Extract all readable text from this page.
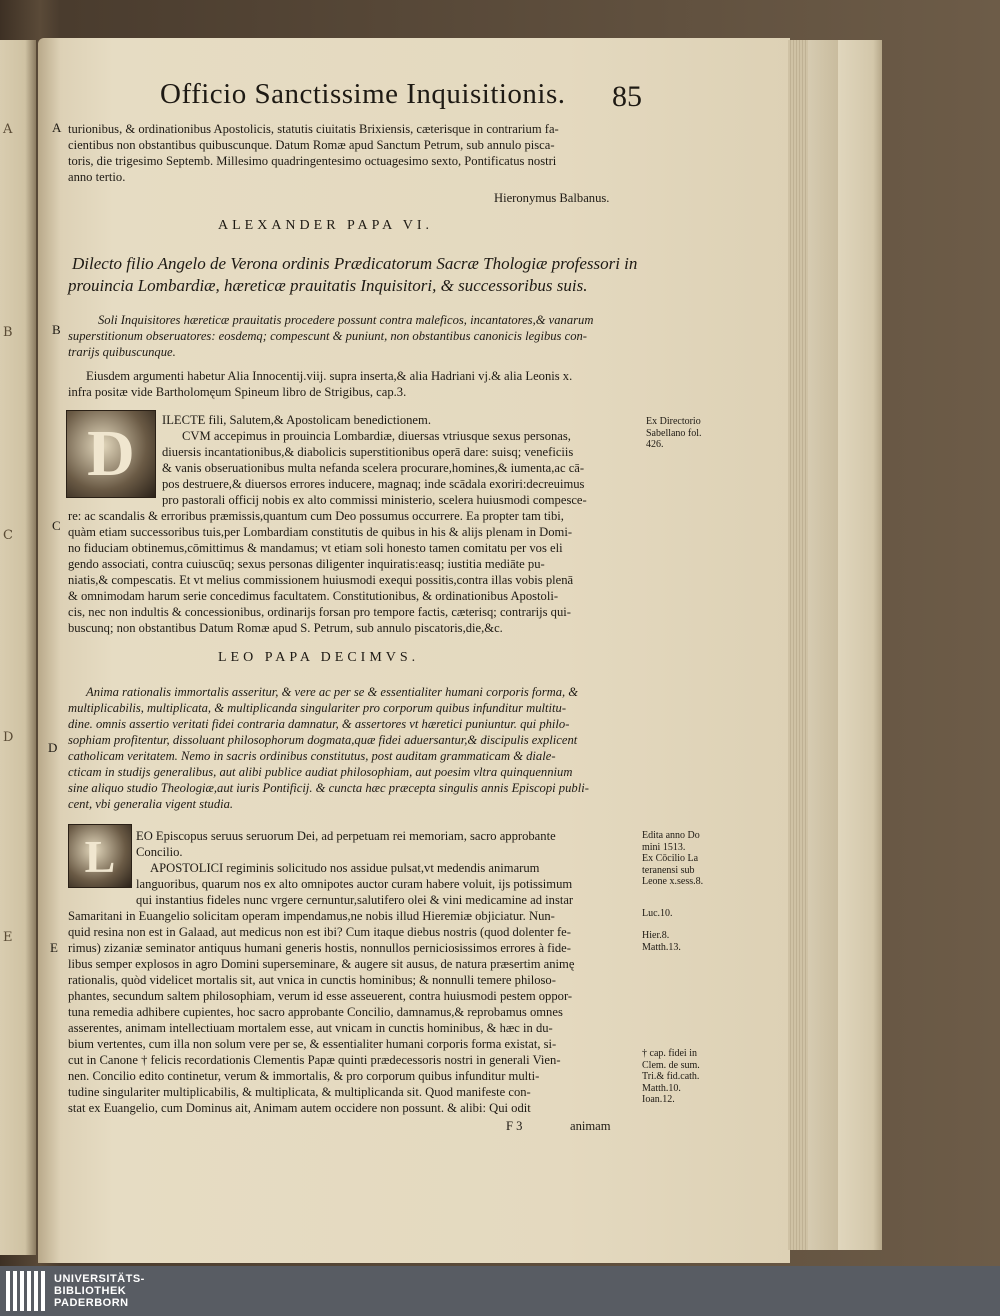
A
B
C
D
E
Officio Sanctissime Inquisitionis. 85
A
B
C
D
E
turionibus, & ordinationibus Apostolicis, statutis ciuitatis Brixiensis, cæterisque in contrarium fa-
cientibus non obstantibus quibuscunque. Datum Romæ apud Sanctum Petrum, sub annulo pisca-
toris, die trigesimo Septemb. Millesimo quadringentesimo octuagesimo sexto, Pontificatus nostri
anno tertio.
Hieronymus Balbanus.
ALEXANDER PAPA VI.
Dilecto filio Angelo de Verona ordinis Prædicatorum Sacræ Thologiæ professori in
prouincia Lombardiæ, hæreticæ prauitatis Inquisitori, & successoribus suis.
Soli Inquisitores hæreticæ prauitatis procedere possunt contra maleficos, incantatores,& vanarum
superstitionum obseruatores: eosdemq; compescunt & puniunt, non obstantibus canonicis legibus con-
trarijs quibuscunque.
Eiusdem argumenti habetur Alia Innocentij.viij. supra inserta,& alia Hadriani vj.& alia Leonis x.
infra positæ vide Bartholomęum Spineum libro de Strigibus, cap.3.
D	ILECTE fili, Salutem,& Apostolicam benedictionem.
CVM accepimus in prouincia Lombardiæ, diuersas vtriusque sexus personas,
diuersis incantationibus,& diabolicis superstitionibus operā dare: suisq; veneficiis
& vanis obseruationibus multa nefanda scelera procurare,homines,& iumenta,ac cā-
pos destruere,& diuersos errores inducere, magnaq; inde scādala exoriri:decreuimus
pro pastorali officij nobis ex alto commissi ministerio, scelera huiusmodi compesce-
re: ac scandalis & erroribus præmissis,quantum cum Deo possumus occurrere. Ea propter tam tibi,
quàm etiam successoribus tuis,per Lombardiam constitutis de quibus in his & alijs plenam in Domi-
no fiduciam obtinemus,cōmittimus & mandamus; vt etiam soli honesto tamen comitatu per vos eli
gendo associati, contra cuiuscūq; sexus personas diligenter inquiratis:easq; iustitia mediāte pu-
niatis,& compescatis. Et vt melius commissionem huiusmodi exequi possitis,contra illas vobis plenā
& omnimodam harum serie concedimus facultatem. Constitutionibus, & ordinationibus Apostoli-
cis, nec non indultis & concessionibus, ordinarijs forsan pro tempore factis, cæterisq; contrarijs qui-
buscunq; non obstantibus Datum Romæ apud S. Petrum, sub annulo piscatoris,die,&c.
Ex Directorio
Sabellano fol.
426.
LEO PAPA DECIMVS.
Anima rationalis immortalis asseritur, & vere ac per se & essentialiter humani corporis forma, &
multiplicabilis, multiplicata, & multiplicanda singulariter pro corporum quibus infunditur multitu-
dine. omnis assertio veritati fidei contraria damnatur, & assertores vt hæretici puniuntur. qui philo-
sophiam profitentur, dissoluant philosophorum dogmata,quæ fidei aduersantur,& discipulis explicent
catholicam veritatem. Nemo in sacris ordinibus constitutus, post auditam grammaticam & diale-
cticam in studijs generalibus, aut alibi publice audiat philosophiam, aut poesim vltra quinquennium
sine aliquo studio Theologiæ,aut iuris Pontificij. & cuncta hæc præcepta singulis annis Episcopi publi-
cent, vbi generalia vigent studia.
L	EO Episcopus seruus seruorum Dei, ad perpetuam rei memoriam, sacro approbante
Concilio.
APOSTOLICI regiminis solicitudo nos assidue pulsat,vt medendis animarum
languoribus, quarum nos ex alto omnipotes auctor curam habere voluit, ijs potissimum
qui instantius fideles nunc vrgere cernuntur,salutifero olei & vini medicamine ad instar
Samaritani in Euangelio solicitam operam impendamus,ne nobis illud Hieremiæ objiciatur. Nun-
quid resina non est in Galaad, aut medicus non est ibi? Cum itaque diebus nostris (quod dolenter fe-
rimus) zizaniæ seminator antiquus humani generis hostis, nonnullos perniciosissimos errores à fide-
libus semper explosos in agro Domini superseminare, & augere sit ausus, de natura præsertim animę
rationalis, quòd videlicet mortalis sit, aut vnica in cunctis hominibus; & nonnulli temere philoso-
phantes, secundum saltem philosophiam, verum id esse asseuerent, contra huiusmodi pestem oppor-
tuna remedia adhibere cupientes, hoc sacro approbante Concilio, damnamus,& reprobamus omnes
asserentes, animam intellectiuam mortalem esse, aut vnicam in cunctis hominibus, & hæc in du-
bium vertentes, cum illa non solum vere per se, & essentialiter humani corporis forma existat, si-
cut in Canone † felicis recordationis Clementis Papæ quinti prædecessoris nostri in generali Vien-
nen. Concilio edito continetur, verum & immortalis, & pro corporum quibus infunditur multi-
tudine singulariter multiplicabilis, & multiplicata, & multiplicanda sit. Quod manifeste con-
stat ex Euangelio, cum Dominus ait, Animam autem occidere non possunt. & alibi: Qui odit
Edita anno Do
mini 1513.
Ex Cōcilio La
teranensi sub
Leone x.sess.8.
Luc.10.
Hier.8.
Matth.13.
† cap. fidei in
Clem. de sum.
Tri.& fid.cath.
Matth.10.
Ioan.12.
F 3	animam
UNIVERSITÄTS-
BIBLIOTHEK
PADERBORN
